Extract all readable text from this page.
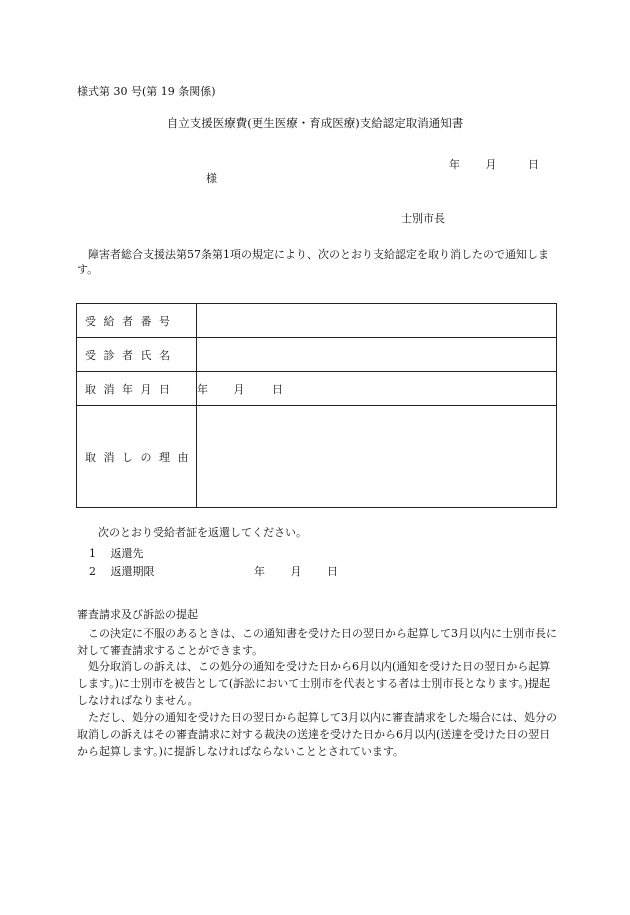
様式第 30 号(第 19 条関係)
自立支援医療費(更生医療・育成医療)支給認定取消通知書
年 月	日
様
士別市長
障害者総合支援法第57条第1項の規定により、次のとおり支給認定を取り消したので通知します。
受給者番号	
受診者氏名	
取消年月日	年 月 日
取消しの理由	
次のとおり受給者証を返還してください。
1 返還先
2 返還期限	年 月 日
審査請求及び訴訟の提起
この決定に不服のあるときは、この通知書を受けた日の翌日から起算して3月以内に士別市長に対して審査請求することができます。
処分取消しの訴えは、この処分の通知を受けた日から6月以内(通知を受けた日の翌日から起算します。)に士別市を被告として(訴訟において士別市を代表とする者は士別市長となります。)提起しなければなりません。
ただし、処分の通知を受けた日の翌日から起算して3月以内に審査請求をした場合には、処分の取消しの訴えはその審査請求に対する裁決の送達を受けた日から6月以内(送達を受けた日の翌日から起算します。)に提訴しなければならないこととされています。
